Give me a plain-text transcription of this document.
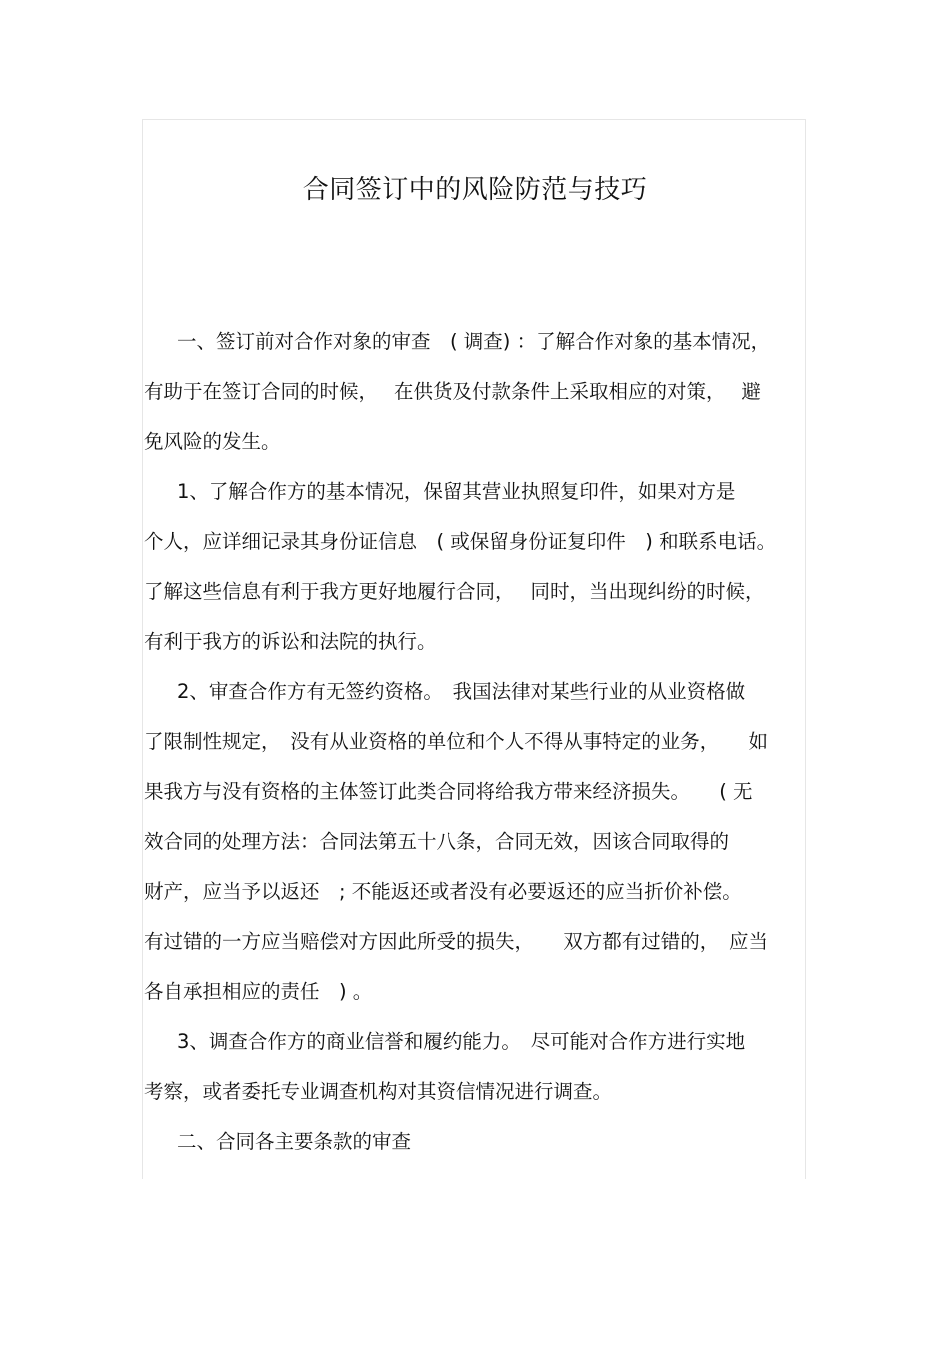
合同签订中的风险防范与技巧

一、签订前对合作对象的审查　( 调查) ：了解合作对象的基本情况，
有助于在签订合同的时候，　 在供货及付款条件上采取相应的对策，　 避
免风险的发生。

1、了解合作方的基本情况，保留其营业执照复印件，如果对方是
个人，应详细记录其身份证信息　( 或保留身份证复印件　) 和联系电话。
了解这些信息有利于我方更好地履行合同，　 同时，当出现纠纷的时候，
有利于我方的诉讼和法院的执行。

2、审查合作方有无签约资格。　我国法律对某些行业的从业资格做
了限制性规定，　没有从业资格的单位和个人不得从事特定的业务，　　如
果我方与没有资格的主体签订此类合同将给我方带来经济损失。　　( 无
效合同的处理方法：合同法第五十八条，合同无效，因该合同取得的
财产，应当予以返还　; 不能返还或者没有必要返还的应当折价补偿。
有过错的一方应当赔偿对方因此所受的损失，　　双方都有过错的，　应当
各自承担相应的责任　) 。

3、调查合作方的商业信誉和履约能力。　尽可能对合作方进行实地
考察，或者委托专业调查机构对其资信情况进行调查。

二、合同各主要条款的审查
